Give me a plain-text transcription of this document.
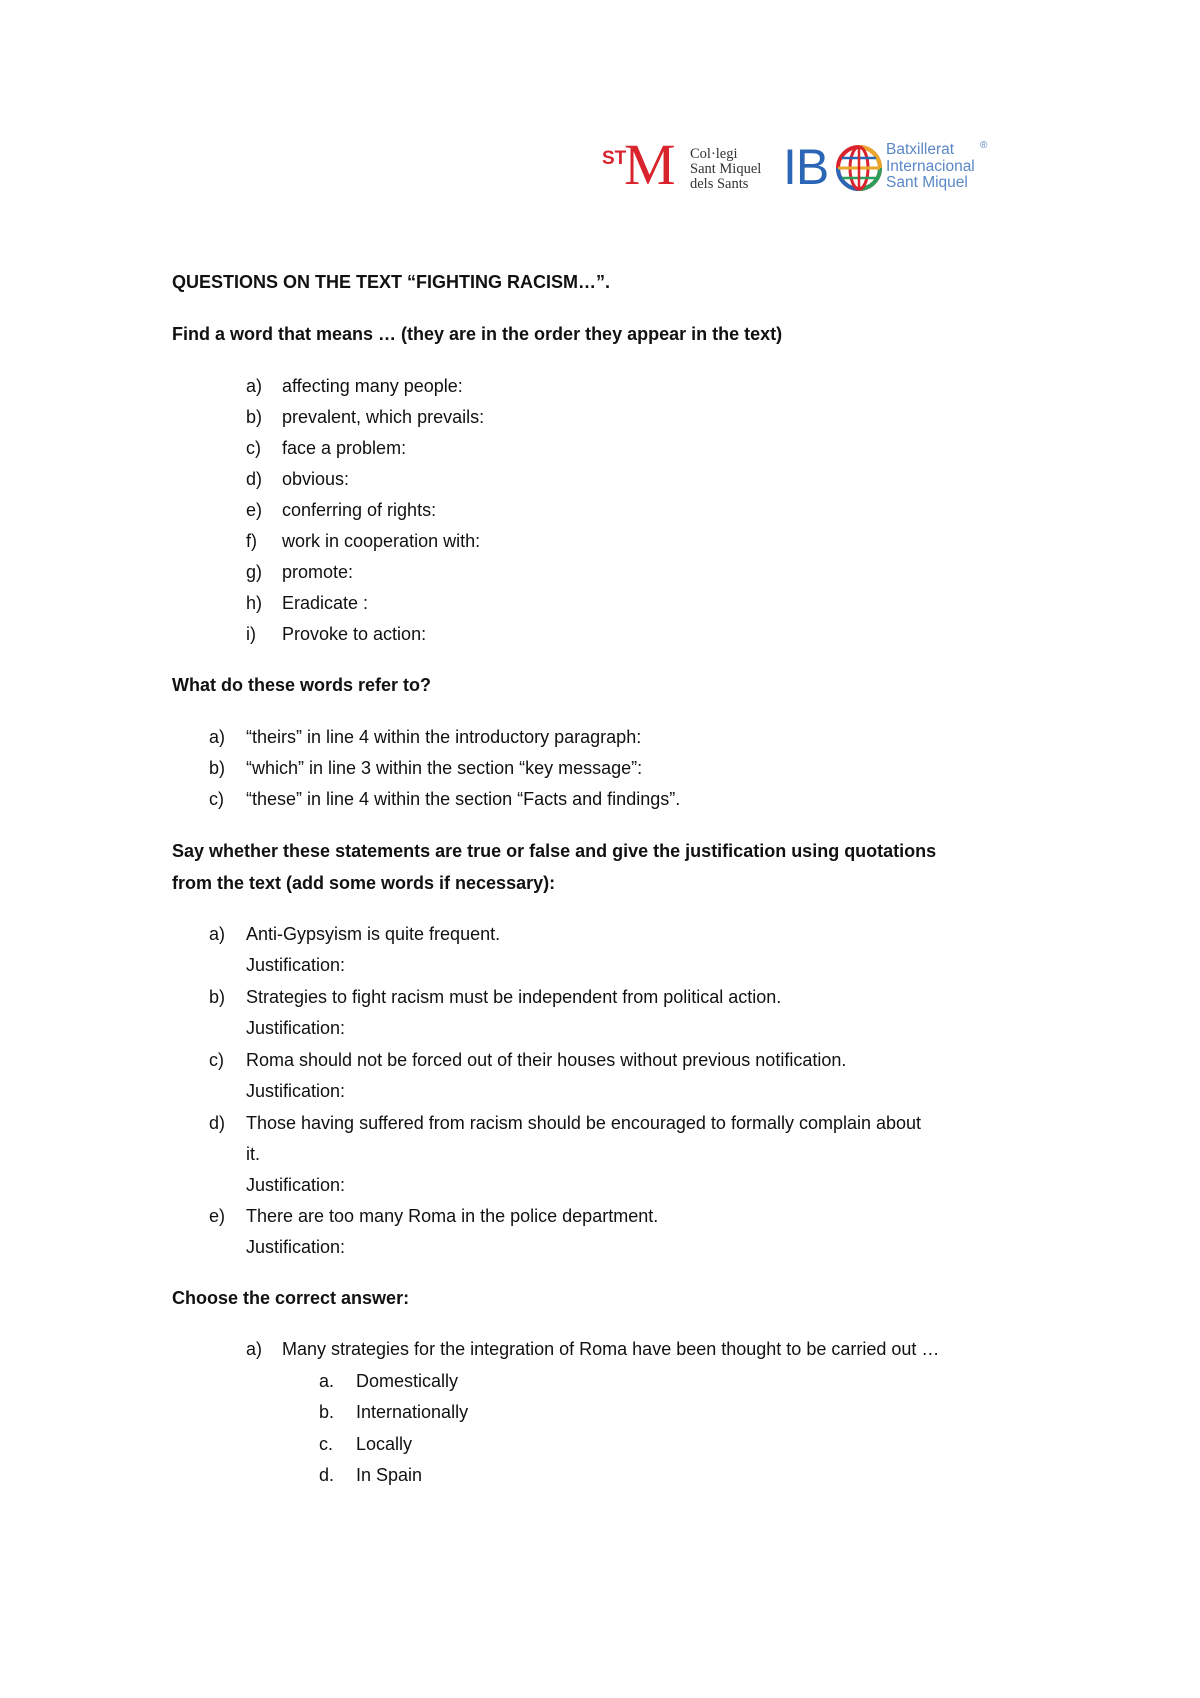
ST
M Col·legi
Sant Miquel
dels Sants IB	Batxillerat
Internacional
Sant Miquel
®
QUESTIONS ON THE TEXT “FIGHTING RACISM…”.
Find a word that means … (they are in the order they appear in the text)
a) affecting many people:
b) prevalent, which prevails:
c) face a problem:
d) obvious:
e) conferring of rights:
f) work in cooperation with:
g) promote:
h) Eradicate :
i) Provoke to action:
What do these words refer to?
a) “theirs” in line 4 within the introductory paragraph:
b) “which” in line 3 within the section “key message”:
c) “these” in line 4 within the section “Facts and findings”.
Say whether these statements are true or false and give the justification using quotations
from the text (add some words if necessary):
a) Anti-Gypsyism is quite frequent.
Justification:
b) Strategies to fight racism must be independent from political action.
Justification:
c) Roma should not be forced out of their houses without previous notification.
Justification:
d) Those having suffered from racism should be encouraged to formally complain about
it.
Justification:
e) There are too many Roma in the police department.
Justification:
Choose the correct answer:
a) Many strategies for the integration of Roma have been thought to be carried out …
a. Domestically
b. Internationally
c. Locally
d. In Spain
